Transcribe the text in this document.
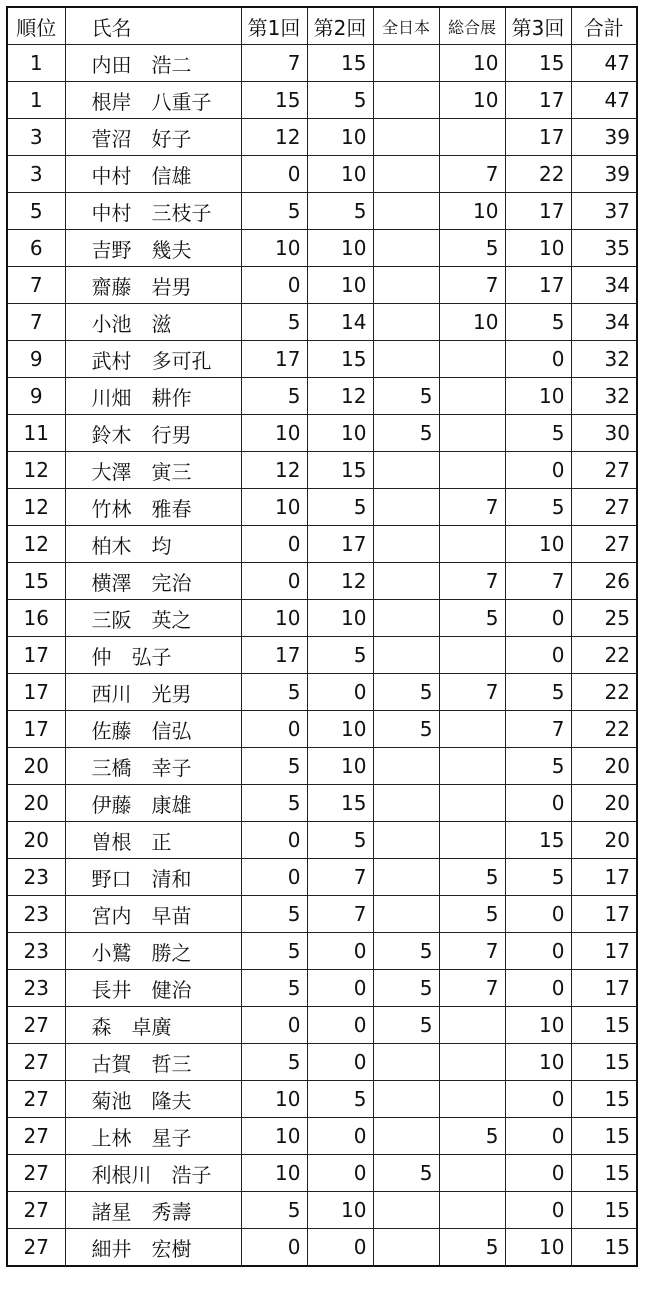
順位	氏名	第1回	第2回	全日本	総合展	第3回	合計
1	内田　浩二	7	15		10	15	47
1	根岸　八重子	15	5		10	17	47
3	菅沼　好子	12	10			17	39
3	中村　信雄	0	10		7	22	39
5	中村　三枝子	5	5		10	17	37
6	吉野　幾夫	10	10		5	10	35
7	齋藤　岩男	0	10		7	17	34
7	小池　滋	5	14		10	5	34
9	武村　多可孔	17	15			0	32
9	川畑　耕作	5	12	5		10	32
11	鈴木　行男	10	10	5		5	30
12	大澤　寅三	12	15			0	27
12	竹林　雅春	10	5		7	5	27
12	柏木　均	0	17			10	27
15	横澤　完治	0	12		7	7	26
16	三阪　英之	10	10		5	0	25
17	仲　弘子	17	5			0	22
17	西川　光男	5	0	5	7	5	22
17	佐藤　信弘	0	10	5		7	22
20	三橋　幸子	5	10			5	20
20	伊藤　康雄	5	15			0	20
20	曽根　正	0	5			15	20
23	野口　清和	0	7		5	5	17
23	宮内　早苗	5	7		5	0	17
23	小鷲　勝之	5	0	5	7	0	17
23	長井　健治	5	0	5	7	0	17
27	森　卓廣	0	0	5		10	15
27	古賀　哲三	5	0			10	15
27	菊池　隆夫	10	5			0	15
27	上林　星子	10	0		5	0	15
27	利根川　浩子	10	0	5		0	15
27	諸星　秀壽	5	10			0	15
27	細井　宏樹	0	0		5	10	15
